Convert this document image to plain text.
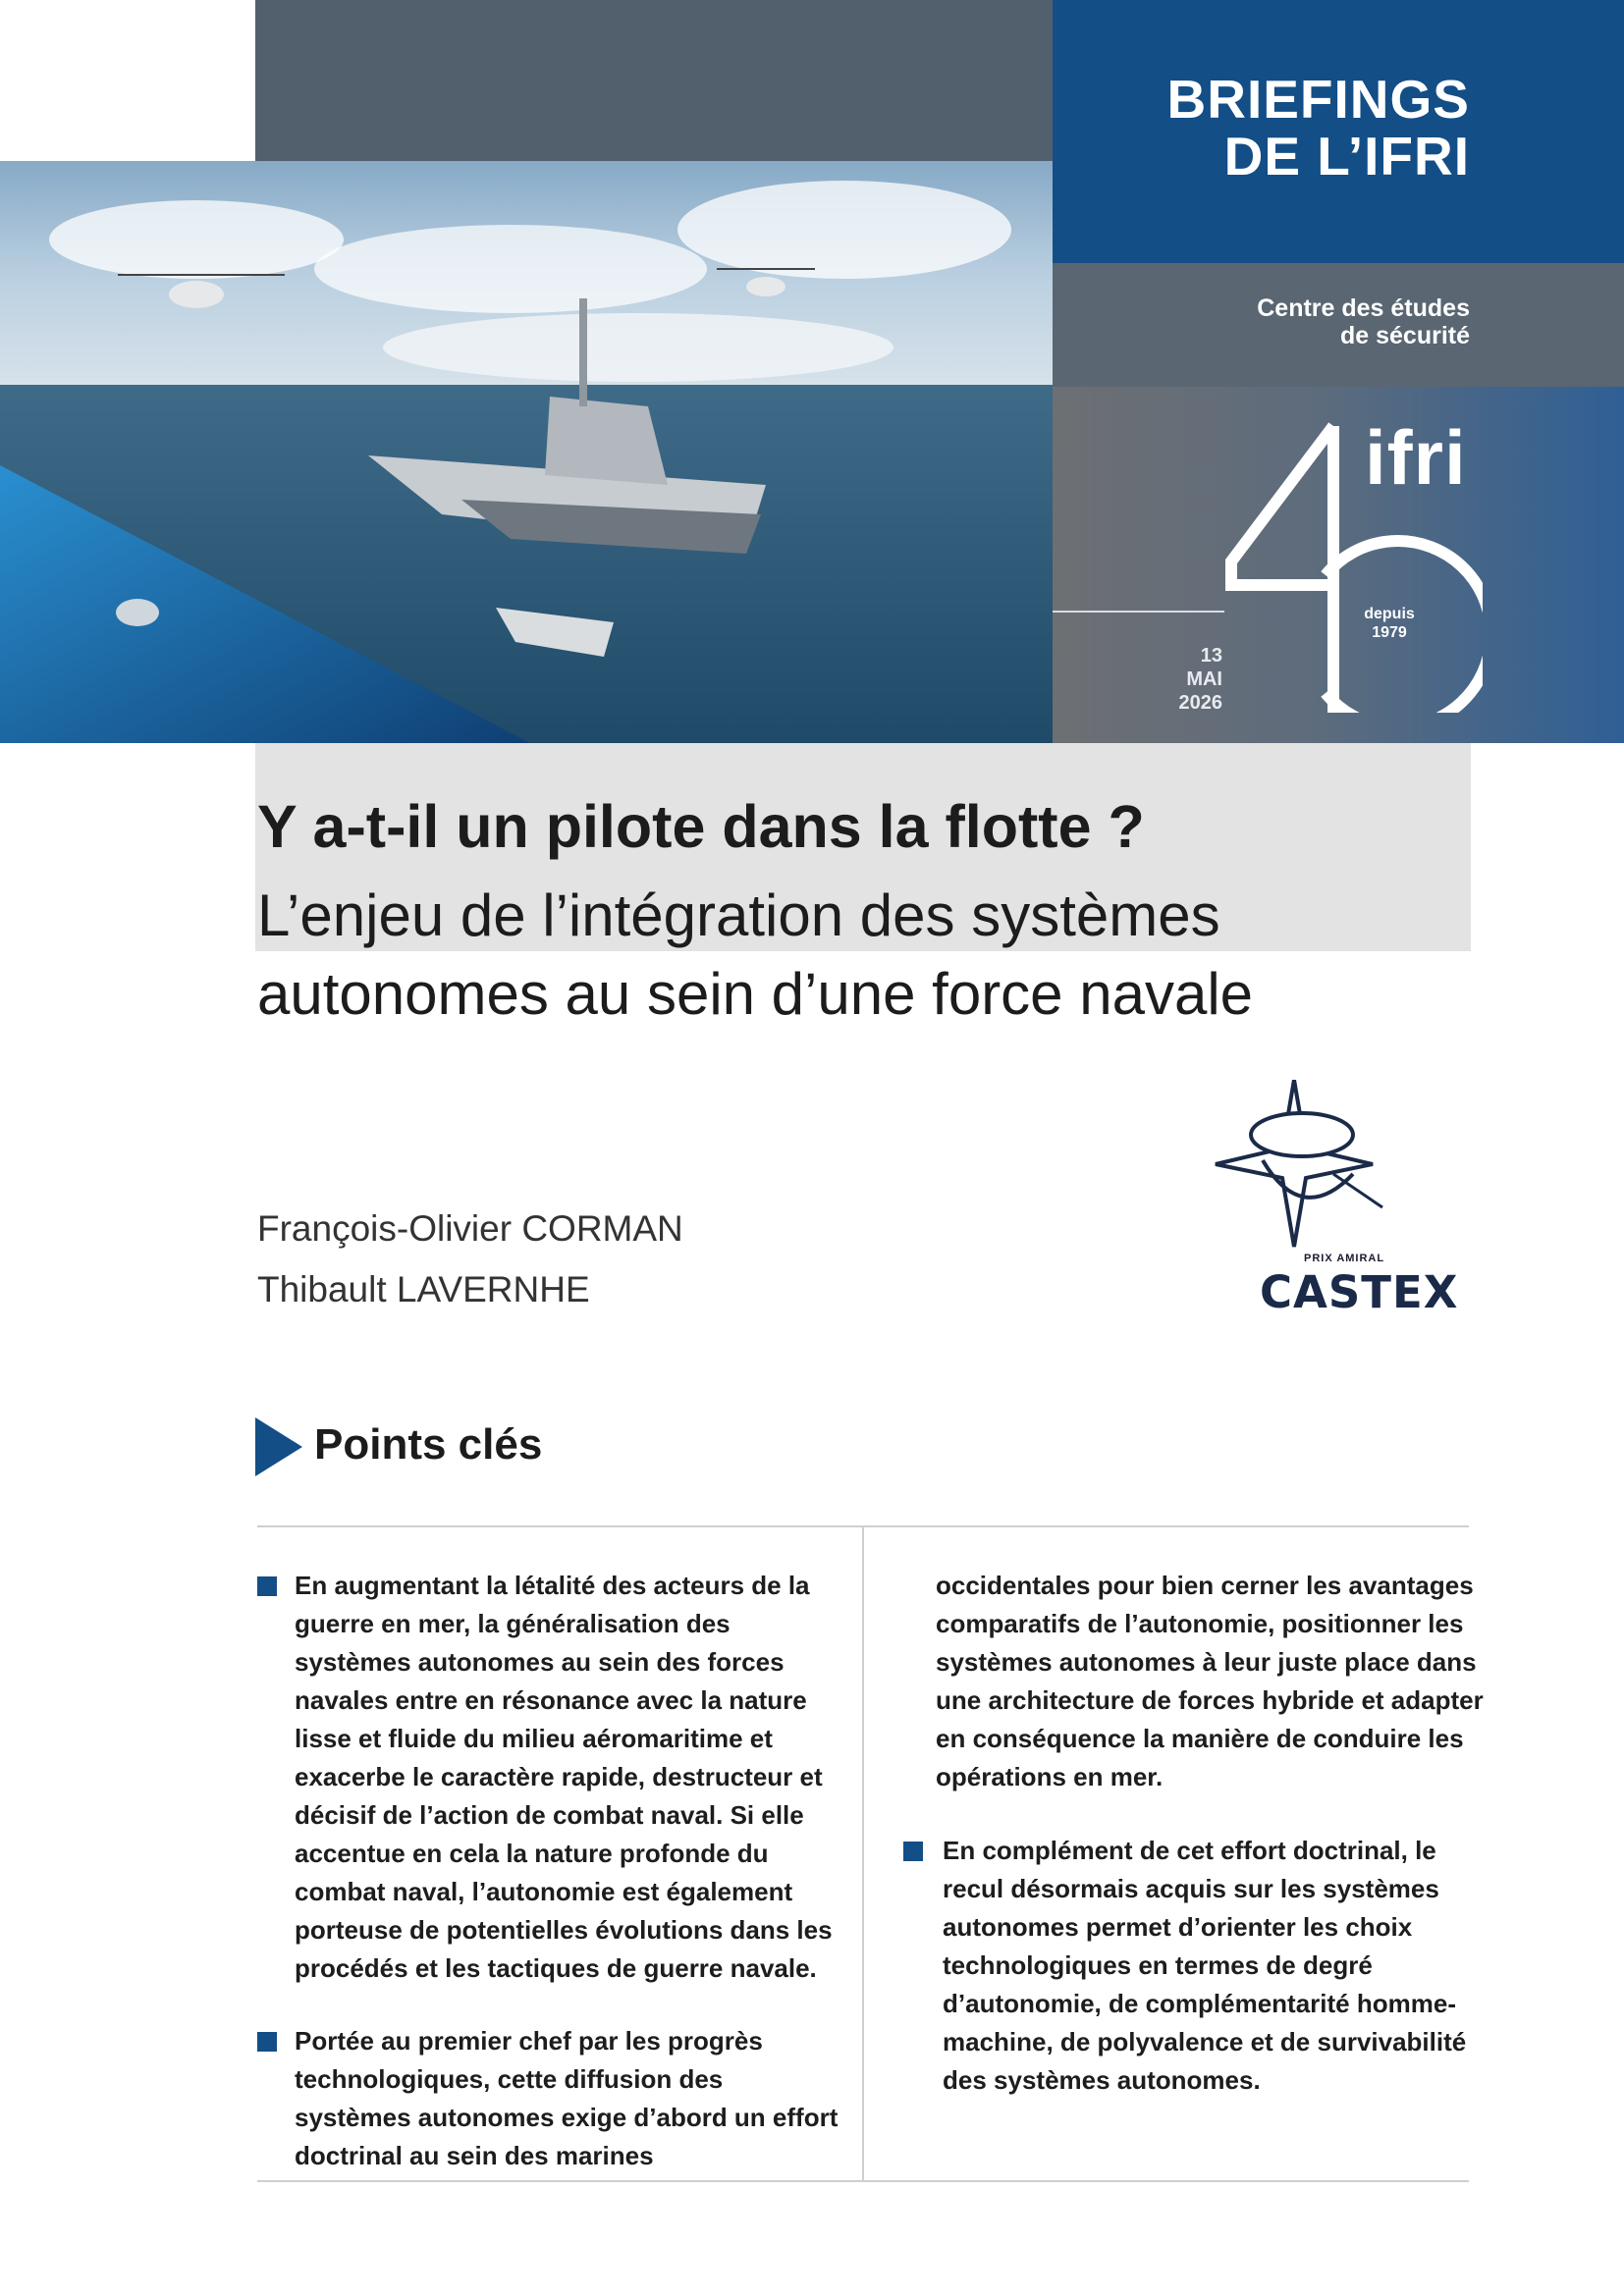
BRIEFINGS
DE L’IFRI
Centre des études
de sécurité
ifri
depuis
1979
13
MAI
2026
Y a-t-il un pilote dans la flotte ?
L’enjeu de l’intégration des systèmes
autonomes au sein d’une force navale
François-Olivier CORMAN
Thibault LAVERNHE
PRIX AMIRAL
CASTEX
Points clés
En augmentant la létalité des acteurs de la guerre en mer, la généralisation des systèmes autonomes au sein des forces navales entre en résonance avec la nature lisse et fluide du milieu aéromaritime et exacerbe le caractère rapide, destructeur et décisif de l’action de combat naval. Si elle accentue en cela la nature profonde du combat naval, l’autonomie est également porteuse de potentielles évolutions dans les procédés et les tactiques de guerre navale.
Portée au premier chef par les progrès technologiques, cette diffusion des systèmes autonomes exige d’abord un effort doctrinal au sein des marines
occidentales pour bien cerner les avantages comparatifs de l’autonomie, positionner les systèmes autonomes à leur juste place dans une architecture de forces hybride et adapter en conséquence la manière de conduire les opérations en mer.
En complément de cet effort doctrinal, le recul désormais acquis sur les systèmes autonomes permet d’orienter les choix technologiques en termes de degré d’autonomie, de complémentarité homme-machine, de polyvalence et de survivabilité des systèmes autonomes.
